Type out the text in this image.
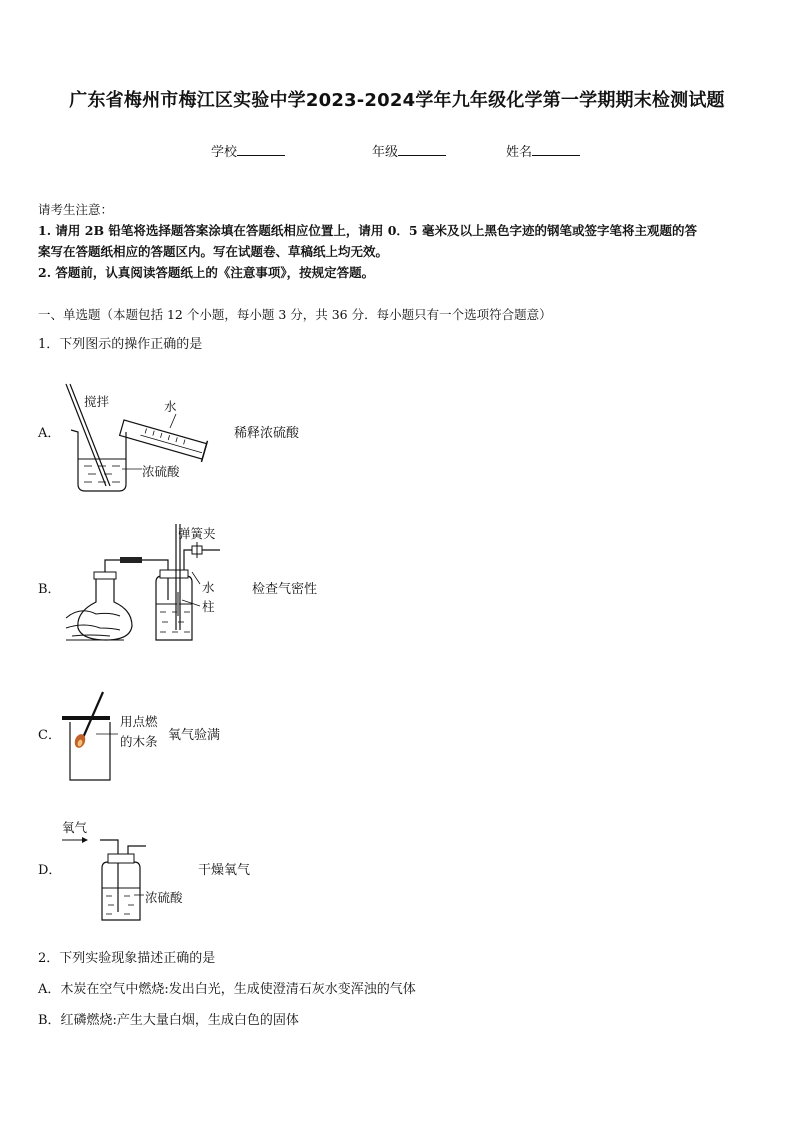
广东省梅州市梅江区实验中学2023-2024学年九年级化学第一学期期末检测试题
学校	年级	姓名
请考生注意：
1. 请用 2B 铅笔将选择题答案涂填在答题纸相应位置上，请用 0．5 毫米及以上黑色字迹的钢笔或签字笔将主观题的答
案写在答题纸相应的答题区内。写在试题卷、草稿纸上均无效。
2. 答题前，认真阅读答题纸上的《注意事项》，按规定答题。
一、单选题（本题包括 12 个小题，每小题 3 分，共 36 分．每小题只有一个选项符合题意）
1．下列图示的操作正确的是
A．
搅拌	水
浓硫酸
稀释浓硫酸
B．
弹簧夹
水
柱
检查气密性
C．
用点燃
的木条 氧气验满
D．
氧气
浓硫酸
干燥氧气
2．下列实验现象描述正确的是
A．木炭在空气中燃烧:发出白光，生成使澄清石灰水变浑浊的气体
B．红磷燃烧:产生大量白烟，生成白色的固体
